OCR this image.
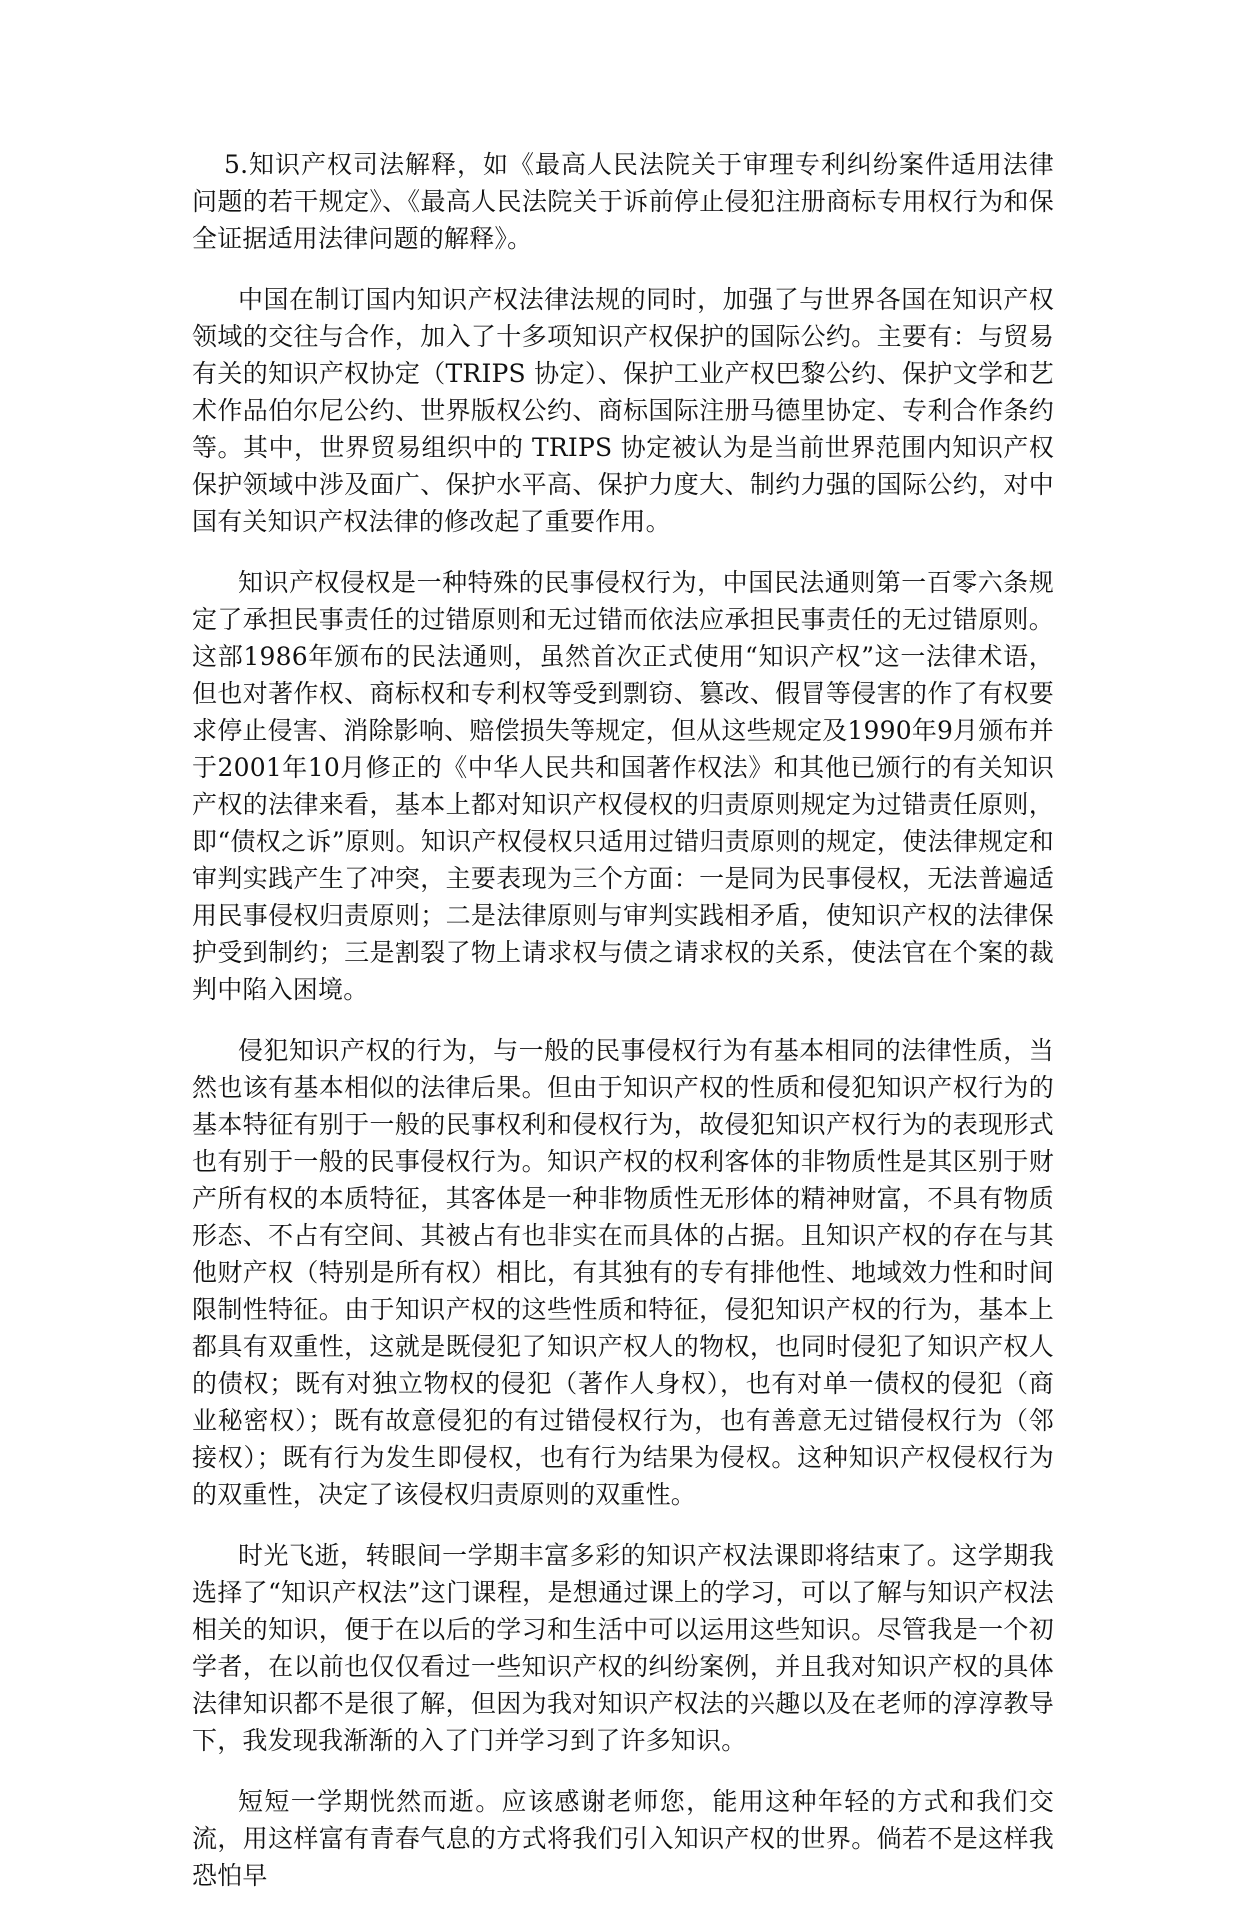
5.知识产权司法解释，如《最高人民法院关于审理专利纠纷案件适用法律问题的若干规定》、《最高人民法院关于诉前停止侵犯注册商标专用权行为和保全证据适用法律问题的解释》。

中国在制订国内知识产权法律法规的同时，加强了与世界各国在知识产权领域的交往与合作，加入了十多项知识产权保护的国际公约。主要有：与贸易有关的知识产权协定（TRIPS 协定）、保护工业产权巴黎公约、保护文学和艺术作品伯尔尼公约、世界版权公约、商标国际注册马德里协定、专利合作条约等。其中，世界贸易组织中的 TRIPS 协定被认为是当前世界范围内知识产权保护领域中涉及面广、保护水平高、保护力度大、制约力强的国际公约，对中国有关知识产权法律的修改起了重要作用。

知识产权侵权是一种特殊的民事侵权行为，中国民法通则第一百零六条规定了承担民事责任的过错原则和无过错而依法应承担民事责任的无过错原则。这部1986年颁布的民法通则，虽然首次正式使用“知识产权”这一法律术语，但也对著作权、商标权和专利权等受到剽窃、篡改、假冒等侵害的作了有权要求停止侵害、消除影响、赔偿损失等规定，但从这些规定及1990年9月颁布并于2001年10月修正的《中华人民共和国著作权法》和其他已颁行的有关知识产权的法律来看，基本上都对知识产权侵权的归责原则规定为过错责任原则，即“债权之诉”原则。知识产权侵权只适用过错归责原则的规定，使法律规定和审判实践产生了冲突，主要表现为三个方面：一是同为民事侵权，无法普遍适用民事侵权归责原则；二是法律原则与审判实践相矛盾，使知识产权的法律保护受到制约；三是割裂了物上请求权与债之请求权的关系，使法官在个案的裁判中陷入困境。

侵犯知识产权的行为，与一般的民事侵权行为有基本相同的法律性质，当然也该有基本相似的法律后果。但由于知识产权的性质和侵犯知识产权行为的基本特征有别于一般的民事权利和侵权行为，故侵犯知识产权行为的表现形式也有别于一般的民事侵权行为。知识产权的权利客体的非物质性是其区别于财产所有权的本质特征，其客体是一种非物质性无形体的精神财富，不具有物质形态、不占有空间、其被占有也非实在而具体的占据。且知识产权的存在与其他财产权（特别是所有权）相比，有其独有的专有排他性、地域效力性和时间限制性特征。由于知识产权的这些性质和特征，侵犯知识产权的行为，基本上都具有双重性，这就是既侵犯了知识产权人的物权，也同时侵犯了知识产权人的债权；既有对独立物权的侵犯（著作人身权），也有对单一债权的侵犯（商业秘密权）；既有故意侵犯的有过错侵权行为，也有善意无过错侵权行为（邻接权）；既有行为发生即侵权，也有行为结果为侵权。这种知识产权侵权行为的双重性，决定了该侵权归责原则的双重性。

时光飞逝，转眼间一学期丰富多彩的知识产权法课即将结束了。这学期我选择了“知识产权法”这门课程，是想通过课上的学习，可以了解与知识产权法相关的知识，便于在以后的学习和生活中可以运用这些知识。尽管我是一个初学者，在以前也仅仅看过一些知识产权的纠纷案例，并且我对知识产权的具体法律知识都不是很了解，但因为我对知识产权法的兴趣以及在老师的淳淳教导下，我发现我渐渐的入了门并学习到了许多知识。

短短一学期恍然而逝。应该感谢老师您，能用这种年轻的方式和我们交流，用这样富有青春气息的方式将我们引入知识产权的世界。倘若不是这样我恐怕早
